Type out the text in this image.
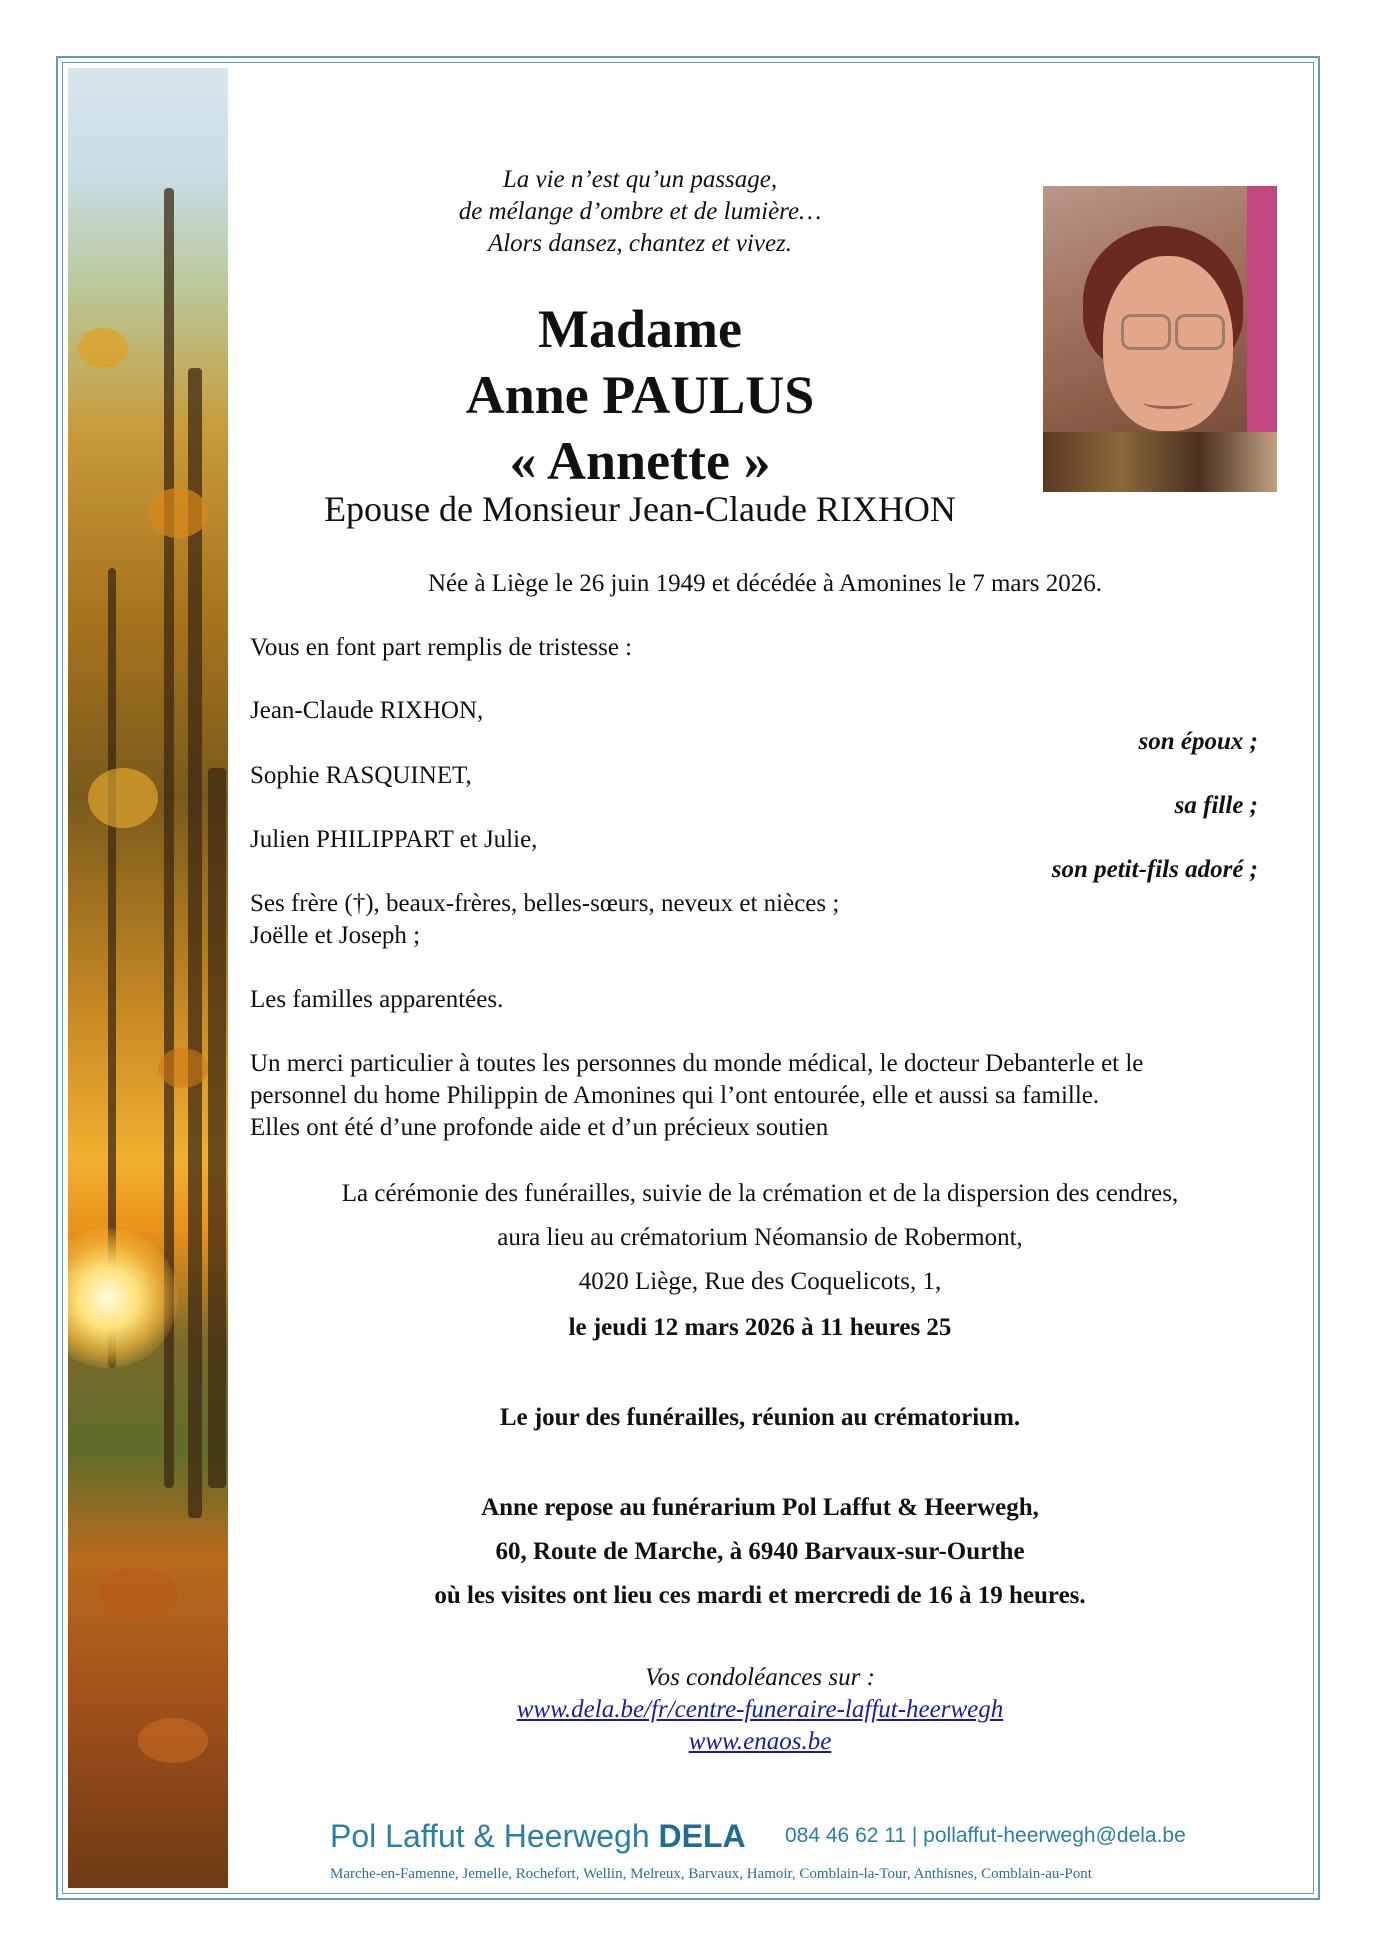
La vie n’est qu’un passage,
de mélange d’ombre et de lumière…
Alors dansez, chantez et vivez.
Madame
Anne PAULUS
« Annette »
Epouse de Monsieur Jean-Claude RIXHON
Née à Liège le 26 juin 1949 et décédée à Amonines le 7 mars 2026.
Vous en font part remplis de tristesse :
Jean-Claude RIXHON,
son époux ;
Sophie RASQUINET,
sa fille ;
Julien PHILIPPART et Julie,
son petit-fils adoré ;
Ses frère (†), beaux-frères, belles-sœurs, neveux et nièces ;
Joëlle et Joseph ;
Les familles apparentées.
Un merci particulier à toutes les personnes du monde médical, le docteur Debanterle et le
personnel du home Philippin de Amonines qui l’ont entourée, elle et aussi sa famille.
Elles ont été d’une profonde aide et d’un précieux soutien
La cérémonie des funérailles, suivie de la crémation et de la dispersion des cendres,
aura lieu au crématorium Néomansio de Robermont,
4020 Liège, Rue des Coquelicots, 1,
le jeudi 12 mars 2026 à 11 heures 25
Le jour des funérailles, réunion au crématorium.
Anne repose au funérarium Pol Laffut & Heerwegh,
60, Route de Marche, à 6940 Barvaux-sur-Ourthe
où les visites ont lieu ces mardi et mercredi de 16 à 19 heures.
Vos condoléances sur :
www.dela.be/fr/centre-funeraire-laffut-heerwegh
www.enaos.be
Pol Laffut & Heerwegh DELA 084 46 62 11 | pollaffut-heerwegh@dela.be
Marche-en-Famenne, Jemelle, Rochefort, Wellin, Melreux, Barvaux, Hamoir, Comblain-la-Tour, Anthisnes, Comblain-au-Pont
